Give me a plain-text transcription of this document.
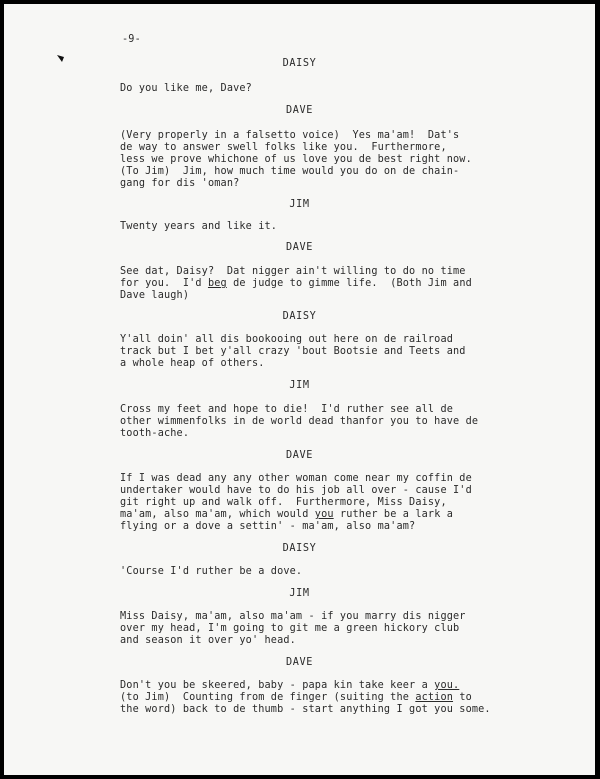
-9-
DAISY
Do you like me, Dave?
DAVE
(Very properly in a falsetto voice)  Yes ma'am!  Dat's
de way to answer swell folks like you.  Furthermore,
less we prove whichone of us love you de best right now.
(To Jim)  Jim, how much time would you do on de chain-
gang for dis 'oman?
JIM
Twenty years and like it.
DAVE
See dat, Daisy?  Dat nigger ain't willing to do no time
for you.  I'd beg de judge to gimme life.  (Both Jim and
Dave laugh)
DAISY
Y'all doin' all dis bookooing out here on de railroad
track but I bet y'all crazy 'bout Bootsie and Teets and
a whole heap of others.
JIM
Cross my feet and hope to die!  I'd ruther see all de
other wimmenfolks in de world dead thanfor you to have de
tooth-ache.
DAVE
If I was dead any any other woman come near my coffin de
undertaker would have to do his job all over - cause I'd
git right up and walk off.  Furthermore, Miss Daisy,
ma'am, also ma'am, which would you ruther be a lark a
flying or a dove a settin' - ma'am, also ma'am?
DAISY
'Course I'd ruther be a dove.
JIM
Miss Daisy, ma'am, also ma'am - if you marry dis nigger
over my head, I'm going to git me a green hickory club
and season it over yo' head.
DAVE
Don't you be skeered, baby - papa kin take keer a you.
(to Jim)  Counting from de finger (suiting the action to
the word) back to de thumb - start anything I got you some.
